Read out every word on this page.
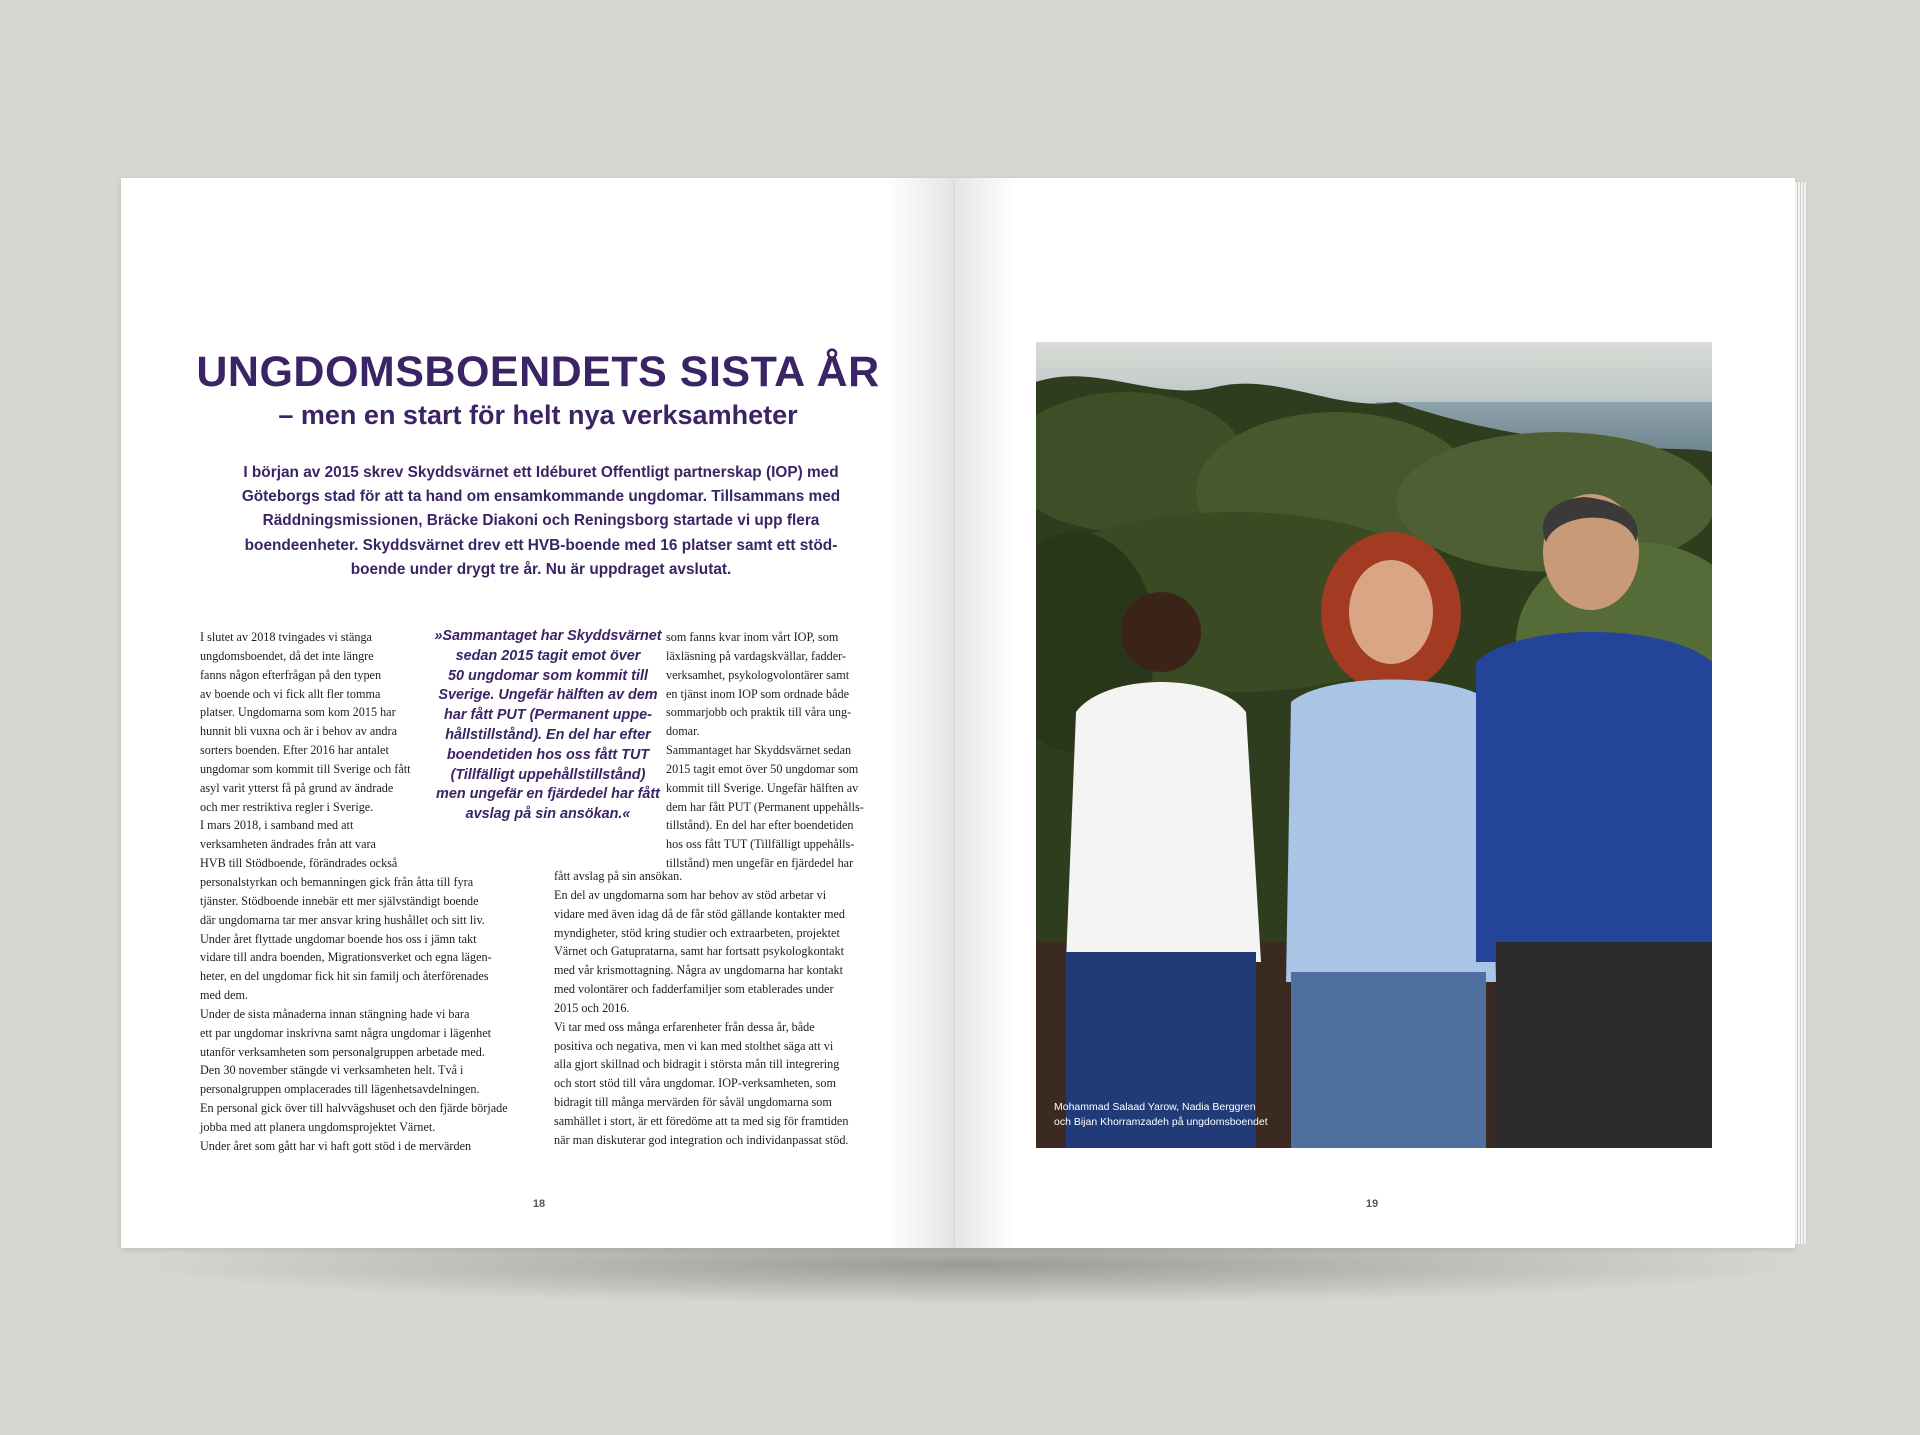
UNGDOMSBOENDETS SISTA ÅR
– men en start för helt nya verksamheter
I början av 2015 skrev Skyddsvärnet ett Idéburet Offentligt partnerskap (IOP) med
Göteborgs stad för att ta hand om ensamkommande ungdomar. Tillsammans med
Räddningsmissionen, Bräcke Diakoni och Reningsborg startade vi upp flera
boendeenheter. Skyddsvärnet drev ett HVB-boende med 16 platser samt ett stöd-
boende under drygt tre år. Nu är uppdraget avslutat.
I slutet av 2018 tvingades vi stänga
ungdomsboendet, då det inte längre
fanns någon efterfrågan på den typen
av boende och vi fick allt fler tomma
platser. Ungdomarna som kom 2015 har
hunnit bli vuxna och är i behov av andra
sorters boenden. Efter 2016 har antalet
ungdomar som kommit till Sverige och fått
asyl varit ytterst få på grund av ändrade
och mer restriktiva regler i Sverige.
I mars 2018, i samband med att
verksamheten ändrades från att vara
HVB till Stödboende, förändrades också
personalstyrkan och bemanningen gick från åtta till fyra
tjänster. Stödboende innebär ett mer självständigt boende
där ungdomarna tar mer ansvar kring hushållet och sitt liv.
Under året flyttade ungdomar boende hos oss i jämn takt
vidare till andra boenden, Migrationsverket och egna lägen-
heter, en del ungdomar fick hit sin familj och återförenades
med dem.
Under de sista månaderna innan stängning hade vi bara
ett par ungdomar inskrivna samt några ungdomar i lägenhet
utanför verksamheten som personalgruppen arbetade med.
Den 30 november stängde vi verksamheten helt. Två i
personalgruppen omplacerades till lägenhetsavdelningen.
En personal gick över till halvvägshuset och den fjärde började
jobba med att planera ungdomsprojektet Värnet.
Under året som gått har vi haft gott stöd i de mervärden
»Sammantaget har Skyddsvärnet
sedan 2015 tagit emot över
50 ungdomar som kommit till
Sverige. Ungefär hälften av dem
har fått PUT (Permanent uppe-
hållstillstånd). En del har efter
boendetiden hos oss fått TUT
(Tillfälligt uppehållstillstånd)
men ungefär en fjärdedel har fått
avslag på sin ansökan.«
som fanns kvar inom vårt IOP, som
läxläsning på vardagskvällar, fadder-
verksamhet, psykologvolontärer samt
en tjänst inom IOP som ordnade både
sommarjobb och praktik till våra ung-
domar.
Sammantaget har Skyddsvärnet sedan
2015 tagit emot över 50 ungdomar som
kommit till Sverige. Ungefär hälften av
dem har fått PUT (Permanent uppehålls-
tillstånd). En del har efter boendetiden
hos oss fått TUT (Tillfälligt uppehålls-
tillstånd) men ungefär en fjärdedel har
fått avslag på sin ansökan.
En del av ungdomarna som har behov av stöd arbetar vi
vidare med även idag då de får stöd gällande kontakter med
myndigheter, stöd kring studier och extraarbeten, projektet
Värnet och Gatupratarna, samt har fortsatt psykologkontakt
med vår krismottagning. Några av ungdomarna har kontakt
med volontärer och fadderfamiljer som etablerades under
2015 och 2016.
Vi tar med oss många erfarenheter från dessa år, både
positiva och negativa, men vi kan med stolthet säga att vi
alla gjort skillnad och bidragit i största mån till integrering
och stort stöd till våra ungdomar. IOP-verksamheten, som
bidragit till många mervärden för såväl ungdomarna som
samhället i stort, är ett föredöme att ta med sig för framtiden
när man diskuterar god integration och individanpassat stöd.
18
Mohammad Salaad Yarow, Nadia Berggren
och Bijan Khorramzadeh på ungdomsboendet
19
